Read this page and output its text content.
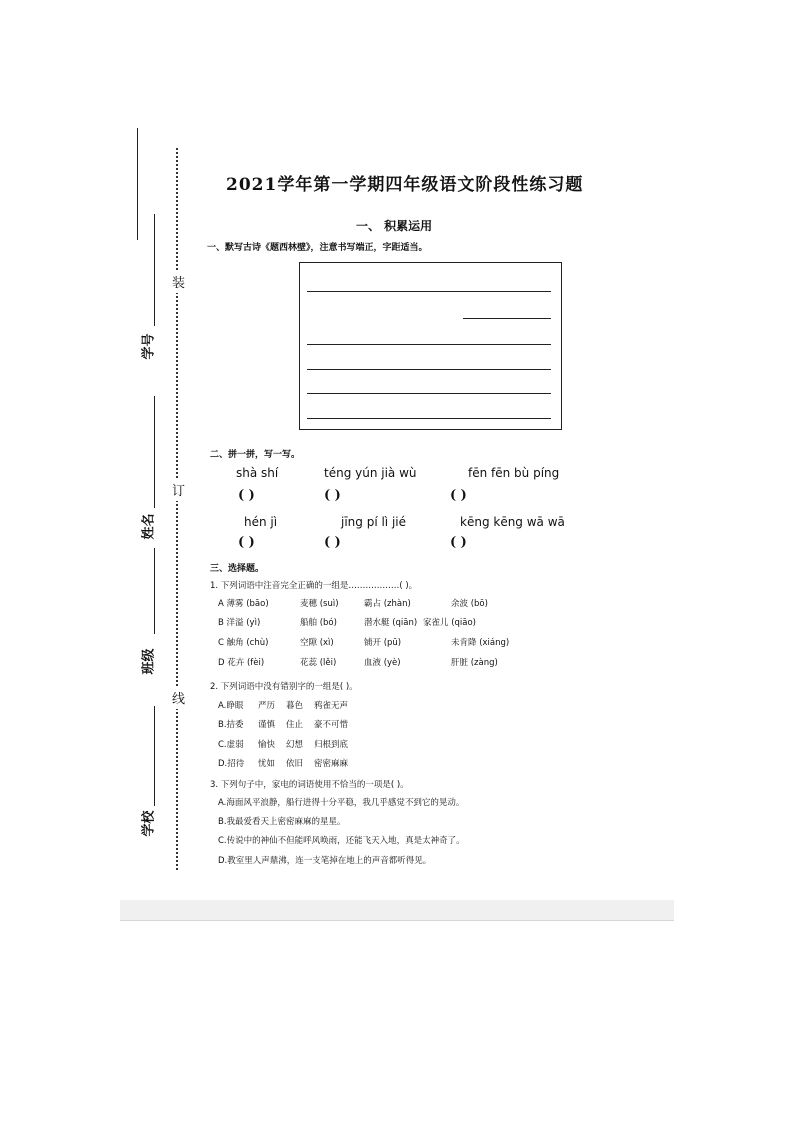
装
订
线
学号
姓名
班级
学校
2021学年第一学期四年级语文阶段性练习题
一、 积累运用
一、默写古诗《题西林壁》，注意书写端正，字距适当。
二、拼一拼，写一写。
shà shí
( )
téng yún jià wù
( )
fēn fēn bù píng
( )
hén jì
( )
jīng pí lì jié
( )
kēng kēng wā wā
( )
三、选择题。
1. 下列词语中注音完全正确的一组是………………( )。
A 薄雾 (bāo)	麦穗 (suì)	霸占 (zhàn)	余波 (bō)
B 洋溢 (yì)	船舶 (bó)	潜水艇 (qiān) 家雀儿 (qiāo)
C 触角 (chù)	空隙 (xì)	铺开 (pū)	未肯降 (xiáng)
D 花卉 (fèi)	花蕊 (lěi)	血液 (yè)	肝脏 (zàng)
2. 下列词语中没有错别字的一组是( )。
A.睁眼 严历 暮色 鸦雀无声
B.拮委 谨慎 住止 豪不可惜
C.虚弱 愉快 幻想 归根到底
D.招待 忧如 依旧 密密麻麻
3. 下列句子中，家电的词语使用不恰当的一项是( )。
A.海面风平浪静，船行进得十分平稳，我几乎感觉不到它的晃动。
B.我最爱看天上密密麻麻的星星。
C.传说中的神仙不但能呼风唤雨，还能飞天入地，真是太神奇了。
D.教室里人声鼎沸，连一支笔掉在地上的声音都听得见。
